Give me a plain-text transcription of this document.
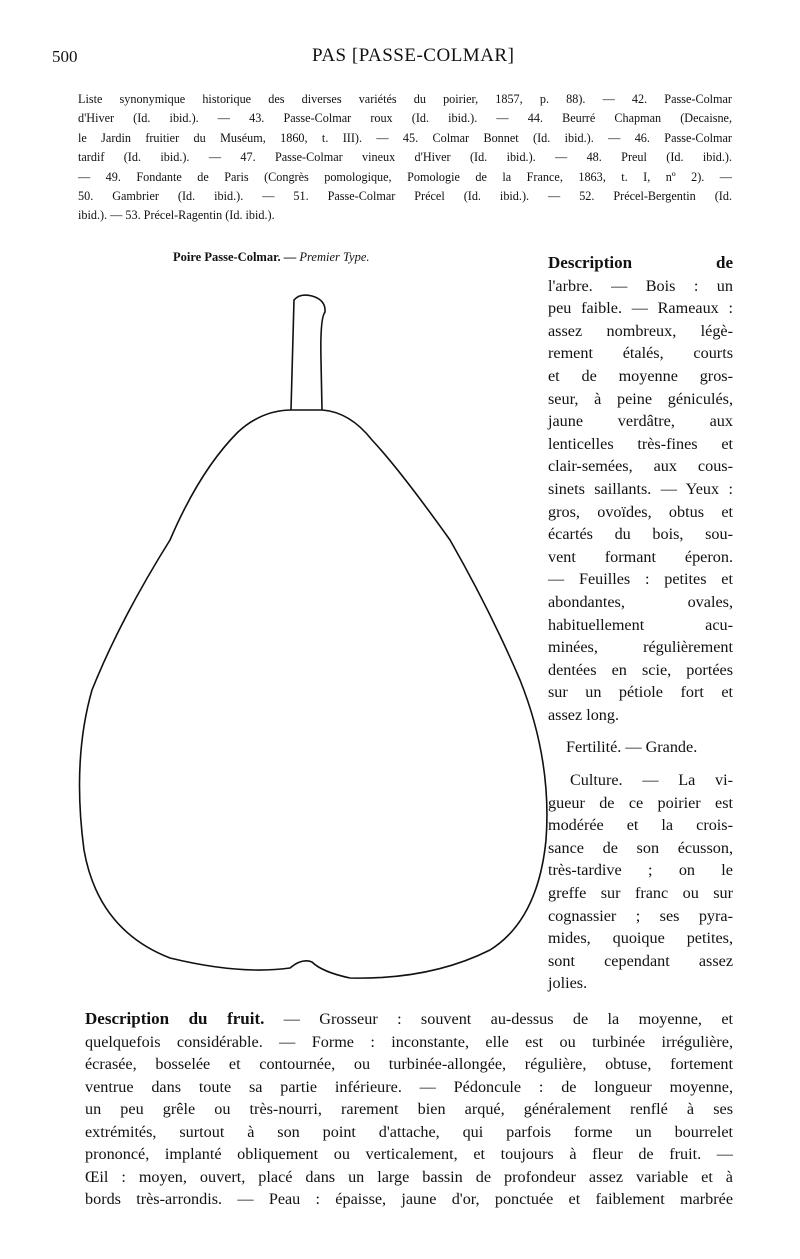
500	PAS [PASSE-COLMAR]
Liste synonymique historique des diverses variétés du poirier, 1857, p. 88). — 42. Passe-Colmar
d'Hiver (Id. ibid.). — 43. Passe-Colmar roux (Id. ibid.). — 44. Beurré Chapman (Decaisne,
le Jardin fruitier du Muséum, 1860, t. III). — 45. Colmar Bonnet (Id. ibid.). — 46. Passe-Colmar
tardif (Id. ibid.). — 47. Passe-Colmar vineux d'Hiver (Id. ibid.). — 48. Preul (Id. ibid.).
— 49. Fondante de Paris (Congrès pomologique, Pomologie de la France, 1863, t. I, nº 2). —
50. Gambrier (Id. ibid.). — 51. Passe-Colmar Précel (Id. ibid.). — 52. Précel-Bergentin (Id.
ibid.). — 53. Précel-Ragentin (Id. ibid.).
Poire Passe-Colmar. — Premier Type.	Description de
l'arbre. — Bois : un
peu faible. — Rameaux :
assez nombreux, légè-
rement étalés, courts
et de moyenne gros-
seur, à peine géniculés,
jaune verdâtre, aux
lenticelles très-fines et
clair-semées, aux cous-
sinets saillants. — Yeux :
gros, ovoïdes, obtus et
écartés du bois, sou-
vent formant éperon.
— Feuilles : petites et
abondantes, ovales,
habituellement acu-
minées, régulièrement
dentées en scie, portées
sur un pétiole fort et
assez long.
Fertilité. — Grande.
Culture. — La vi-
gueur de ce poirier est
modérée et la crois-
sance de son écusson,
très-tardive ; on le
greffe sur franc ou sur
cognassier ; ses pyra-
mides, quoique petites,
sont cependant assez
jolies.
Description du fruit. — Grosseur : souvent au-dessus de la moyenne, et
quelquefois considérable. — Forme : inconstante, elle est ou turbinée irrégulière,
écrasée, bosselée et contournée, ou turbinée-allongée, régulière, obtuse, fortement
ventrue dans toute sa partie inférieure. — Pédoncule : de longueur moyenne,
un peu grêle ou très-nourri, rarement bien arqué, généralement renflé à ses
extrémités, surtout à son point d'attache, qui parfois forme un bourrelet
prononcé, implanté obliquement ou verticalement, et toujours à fleur de fruit. —
Œil : moyen, ouvert, placé dans un large bassin de profondeur assez variable et à
bords très-arrondis. — Peau : épaisse, jaune d'or, ponctuée et faiblement marbrée
